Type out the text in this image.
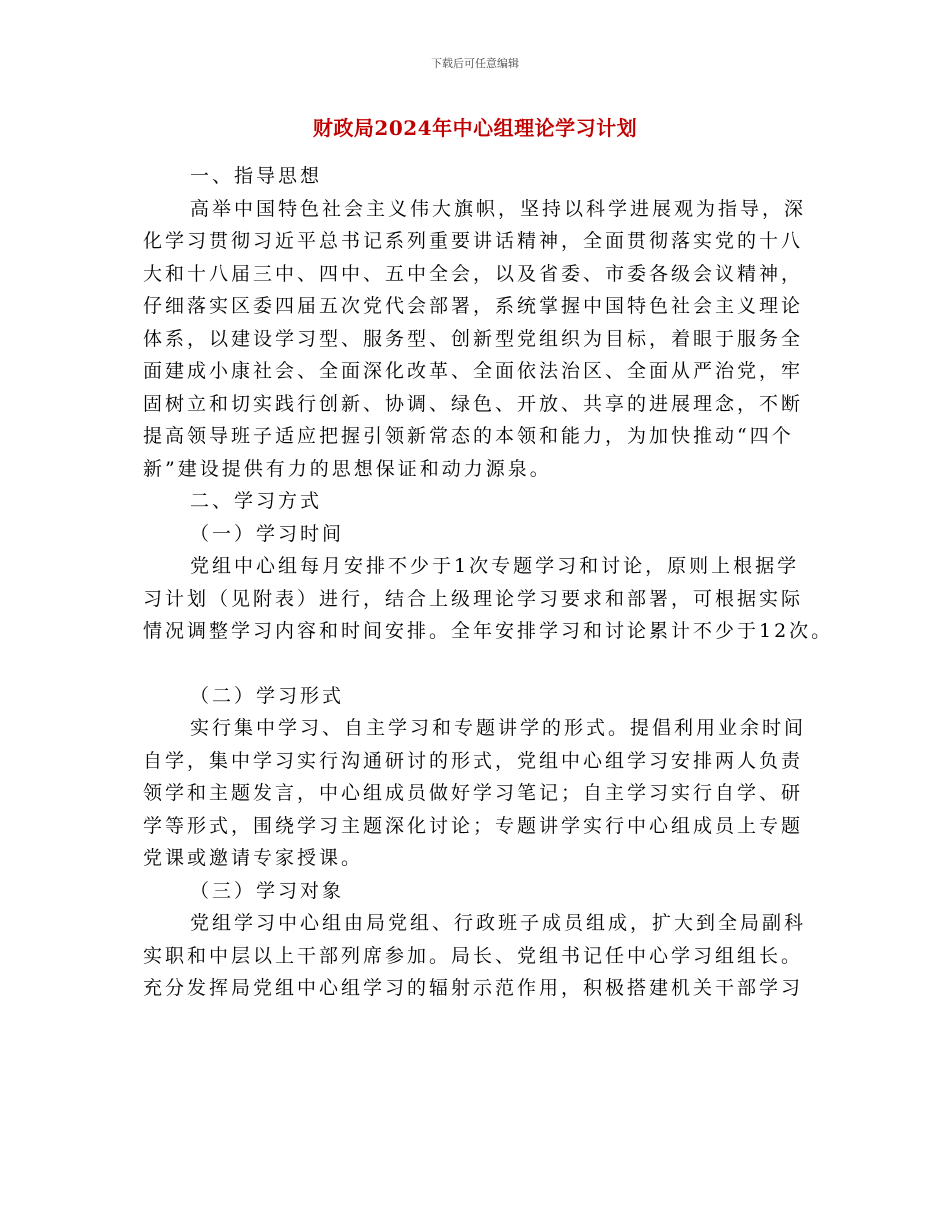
下载后可任意编辑
财政局2024年中心组理论学习计划
一、指导思想
高举中国特色社会主义伟大旗帜，坚持以科学进展观为指导，深
化学习贯彻习近平总书记系列重要讲话精神，全面贯彻落实党的十八
大和十八届三中、四中、五中全会，以及省委、市委各级会议精神，
仔细落实区委四届五次党代会部署，系统掌握中国特色社会主义理论
体系，以建设学习型、服务型、创新型党组织为目标，着眼于服务全
面建成小康社会、全面深化改革、全面依法治区、全面从严治党，牢
固树立和切实践行创新、协调、绿色、开放、共享的进展理念，不断
提高领导班子适应把握引领新常态的本领和能力，为加快推动“四个
新”建设提供有力的思想保证和动力源泉。
二、学习方式
（一）学习时间
党组中心组每月安排不少于1次专题学习和讨论，原则上根据学
习计划（见附表）进行，结合上级理论学习要求和部署，可根据实际
情况调整学习内容和时间安排。全年安排学习和讨论累计不少于12次。
（二）学习形式
实行集中学习、自主学习和专题讲学的形式。提倡利用业余时间
自学，集中学习实行沟通研讨的形式，党组中心组学习安排两人负责
领学和主题发言，中心组成员做好学习笔记；自主学习实行自学、研
学等形式，围绕学习主题深化讨论；专题讲学实行中心组成员上专题
党课或邀请专家授课。
（三）学习对象
党组学习中心组由局党组、行政班子成员组成，扩大到全局副科
实职和中层以上干部列席参加。局长、党组书记任中心学习组组长。
充分发挥局党组中心组学习的辐射示范作用，积极搭建机关干部学习
